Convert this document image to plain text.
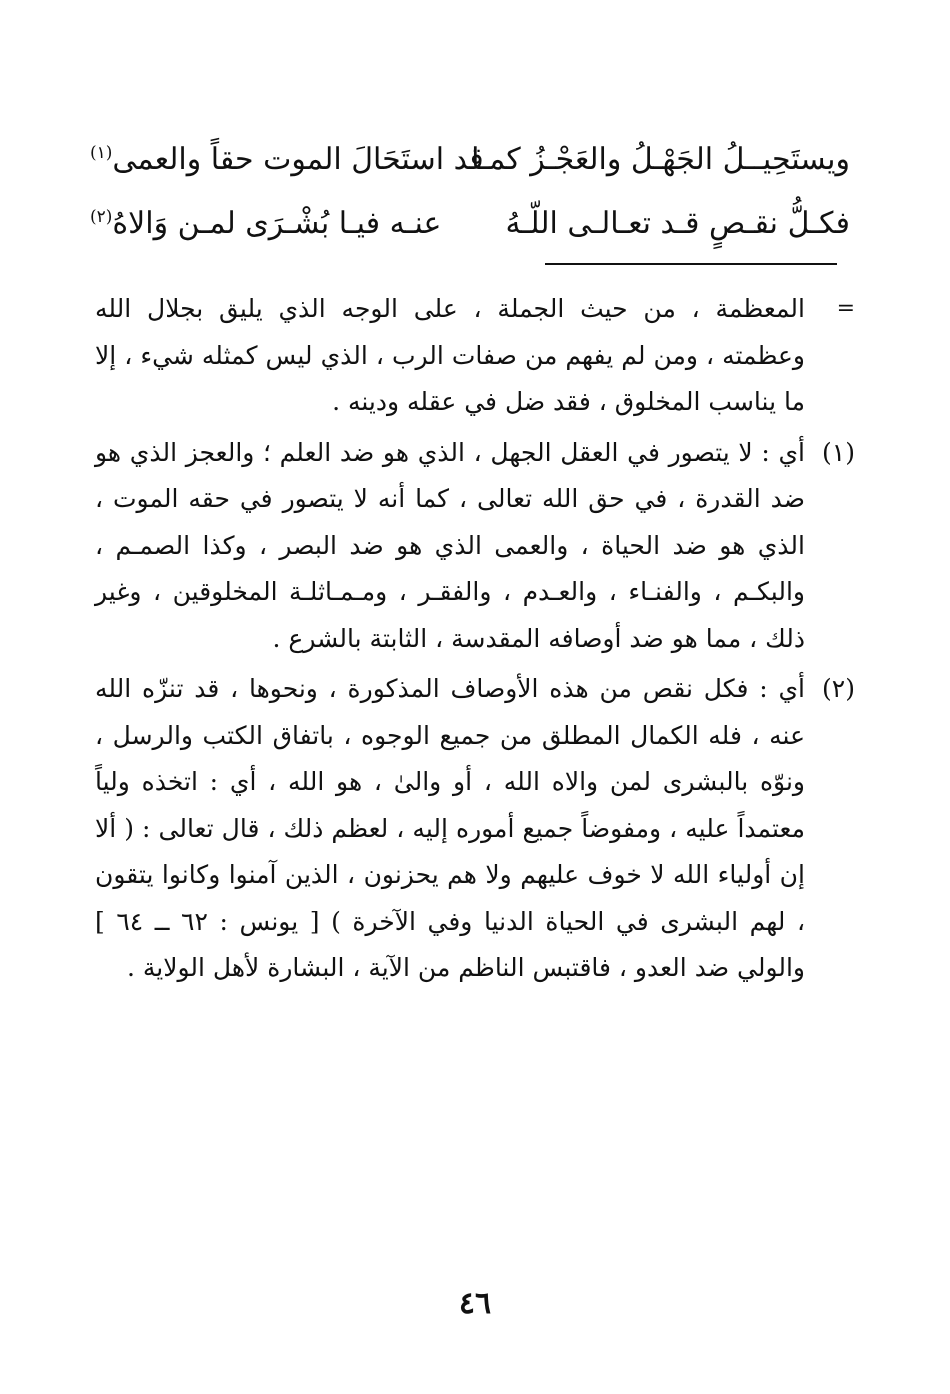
ويستَحِيــلُ الجَهْـلُ والعَجْـزُ كمـا
قد استَحَالَ الموت حقاً والعمى$^{(١)}$
فكـلُّ نقـصٍ قـد تعـالـى اللّـهُ
عنـه فيـا بُشْـرَى لمـن وَالاهُ$^{(٢)}$
=

المعظمة ، من حيث الجملة ، على الوجه الذي يليق بجلال الله وعظمته ، ومن لم يفهم من صفات الرب ، الذي ليس كمثله شيء ، إلا ما يناسب المخلوق ، فقد ضل في عقله ودينه .

(١)

أي : لا يتصور في العقل الجهل ، الذي هو ضد العلم ؛ والعجز الذي هو ضد القدرة ، في حق الله تعالى ، كما أنه لا يتصور في حقه الموت ، الذي هو ضد الحياة ، والعمى الذي هو ضد البصر ، وكذا الصمـم ، والبكـم ، والفنـاء ، والعـدم ، والفقـر ، ومـمـاثلـة المخلوقين ، وغير ذلك ، مما هو ضد أوصافه المقدسة ، الثابتة بالشرع .

(٢)

أي : فكل نقص من هذه الأوصاف المذكورة ، ونحوها ، قد تنزّه الله عنه ، فله الكمال المطلق من جميع الوجوه ، باتفاق الكتب والرسل ، ونوّه بالبشرى لمن والاه الله ، أو والىٰ ، هو الله ، أي : اتخذه ولياً معتمداً عليه ، ومفوضاً جميع أموره إليه ، لعظم ذلك ، قال تعالى : ( ألا إن أولياء الله لا خوف عليهم ولا هم يحزنون ، الذين آمنوا وكانوا يتقون ، لهم البشرى في الحياة الدنيا وفي الآخرة ) [ يونس : ٦٢ ــ ٦٤ ] والولي ضد العدو ، فاقتبس الناظم من الآية ، البشارة لأهل الولاية .

٤٦
